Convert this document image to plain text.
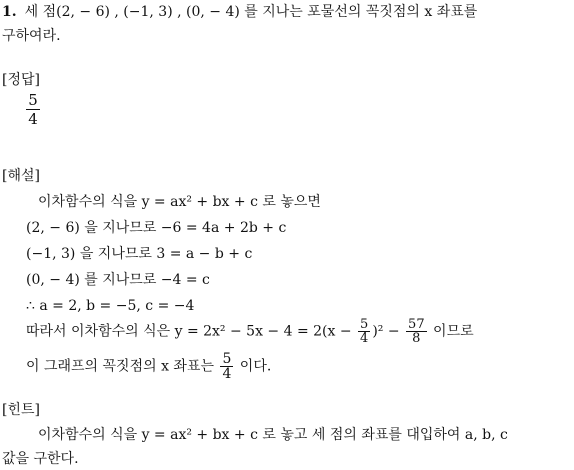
1. 세 점(2, − 6) , (−1, 3) , (0, − 4) 를 지나는 포물선의 꼭짓점의 x 좌표를
구하여라.
[정답]
$\frac{5}{4}$
[해설]
이차함수의 식을 y = ax² + bx + c 로 놓으면
(2, − 6) 을 지나므로 −6 = 4a + 2b + c
(−1, 3) 을 지나므로 3 = a − b + c
(0, − 4) 를 지나므로 −4 = c
∴ a = 2, b = −5, c = −4
따라서 이차함수의 식은 $y = 2x^2 - 5x - 4 = 2(x - \frac{5}{4} )^2 - \frac{57}{8}$ 이므로
이 그래프의 꼭짓점의 x 좌표는 $\frac{5}{4}$ 이다.
[힌트]
이차함수의 식을 y = ax² + bx + c 로 놓고 세 점의 좌표를 대입하여 a, b, c
값을 구한다.
